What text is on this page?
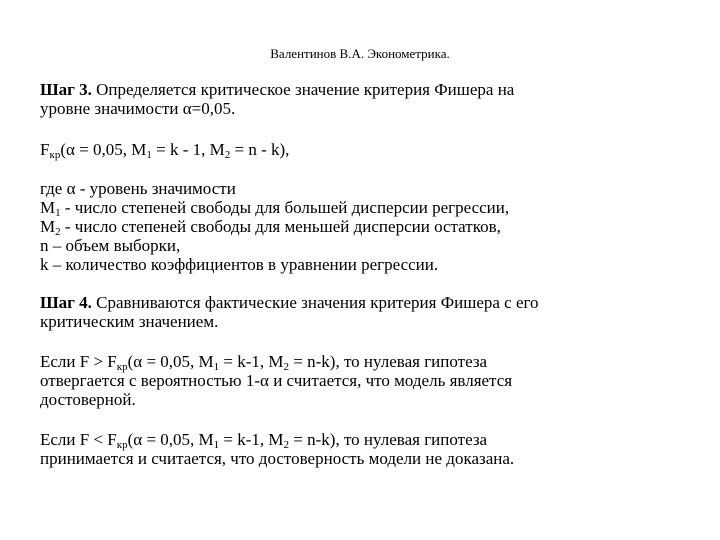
Валентинов В.А. Эконометрика.
Шаг 3. Определяется критическое значение критерия Фишера на
уровне значимости α=0,05.
$F_{кр}(\alpha = 0,05$, $M_1 = k - 1$, $M_2 = n - k$),
где α - уровень значимости
$M_1$ - число степеней свободы для большей дисперсии регрессии,
$M_2$ - число степеней свободы для меньшей дисперсии остатков,
n – объем выборки,
k – количество коэффициентов в уравнении регрессии.
Шаг 4. Сравниваются фактические значения критерия Фишера с его
критическим значением.
Если $F > F_{кр}(\alpha = 0,05$, $M_1 = k-1$, $M_2 = n-k$), то нулевая гипотеза
отвергается с вероятностью 1-α и считается, что модель является
достоверной.
Если $F < F_{кр}(\alpha = 0,05$, $M_1 = k-1$, $M_2 = n-k$), то нулевая гипотеза
принимается и считается, что достоверность модели не доказана.
